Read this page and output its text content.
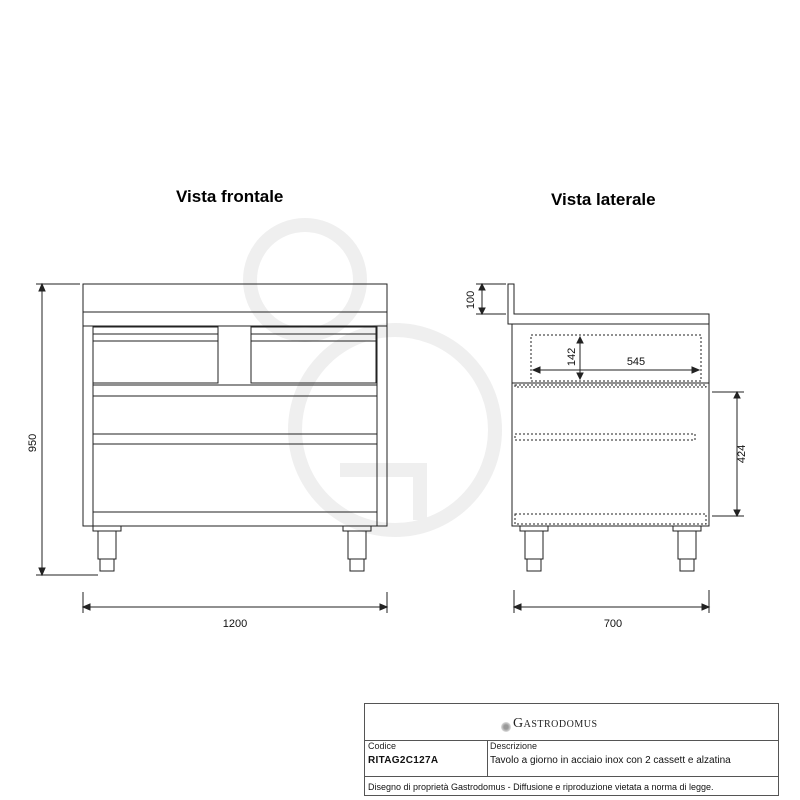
950
1200
100
142	545
424
700
Vista frontale	Vista laterale
Gastrodomus
Codice
RITAG2C127A
Descrizione
Tavolo a giorno in acciaio inox con 2 cassett e alzatina
Disegno di proprietà Gastrodomus - Diffusione e riproduzione vietata a norma di legge.
